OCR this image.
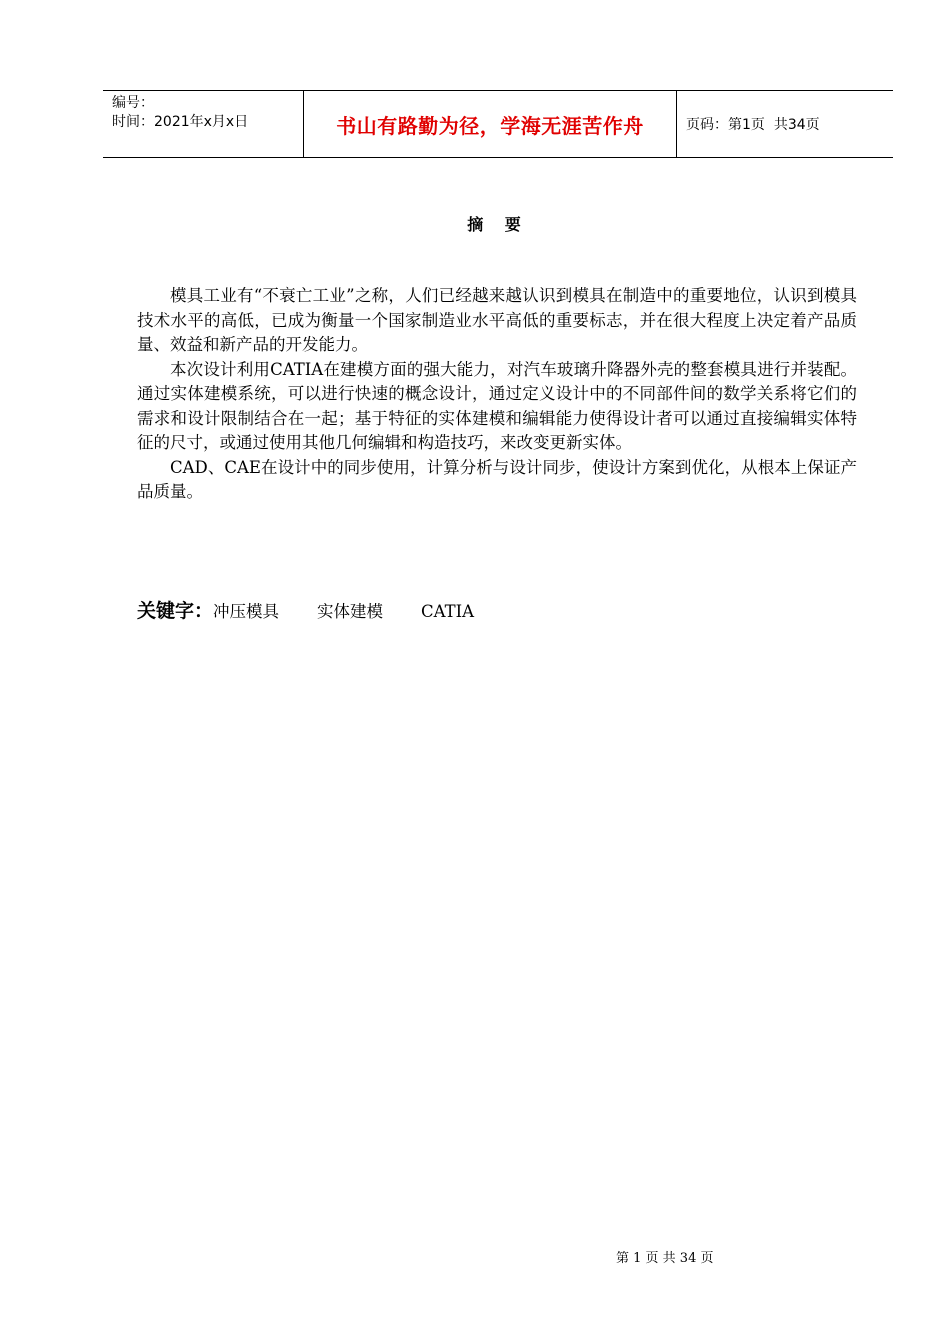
编号：
时间：2021年x月x日	书山有路勤为径，学海无涯苦作舟	页码：第1页  共34页
摘 要

模具工业有“不衰亡工业”之称，人们已经越来越认识到模具在制造中的重要地位，认识到模具技术水平的高低，已成为衡量一个国家制造业水平高低的重要标志，并在很大程度上决定着产品质量、效益和新产品的开发能力。

本次设计利用CATIA在建模方面的强大能力，对汽车玻璃升降器外壳的整套模具进行并装配。通过实体建模系统，可以进行快速的概念设计，通过定义设计中的不同部件间的数学关系将它们的需求和设计限制结合在一起；基于特征的实体建模和编辑能力使得设计者可以通过直接编辑实体特征的尺寸，或通过使用其他几何编辑和构造技巧，来改变更新实体。

CAD、CAE在设计中的同步使用，计算分析与设计同步，使设计方案到优化，从根本上保证产品质量。

关键字： 冲压模具 实体建模 CATIA
第 1 页 共 34 页
